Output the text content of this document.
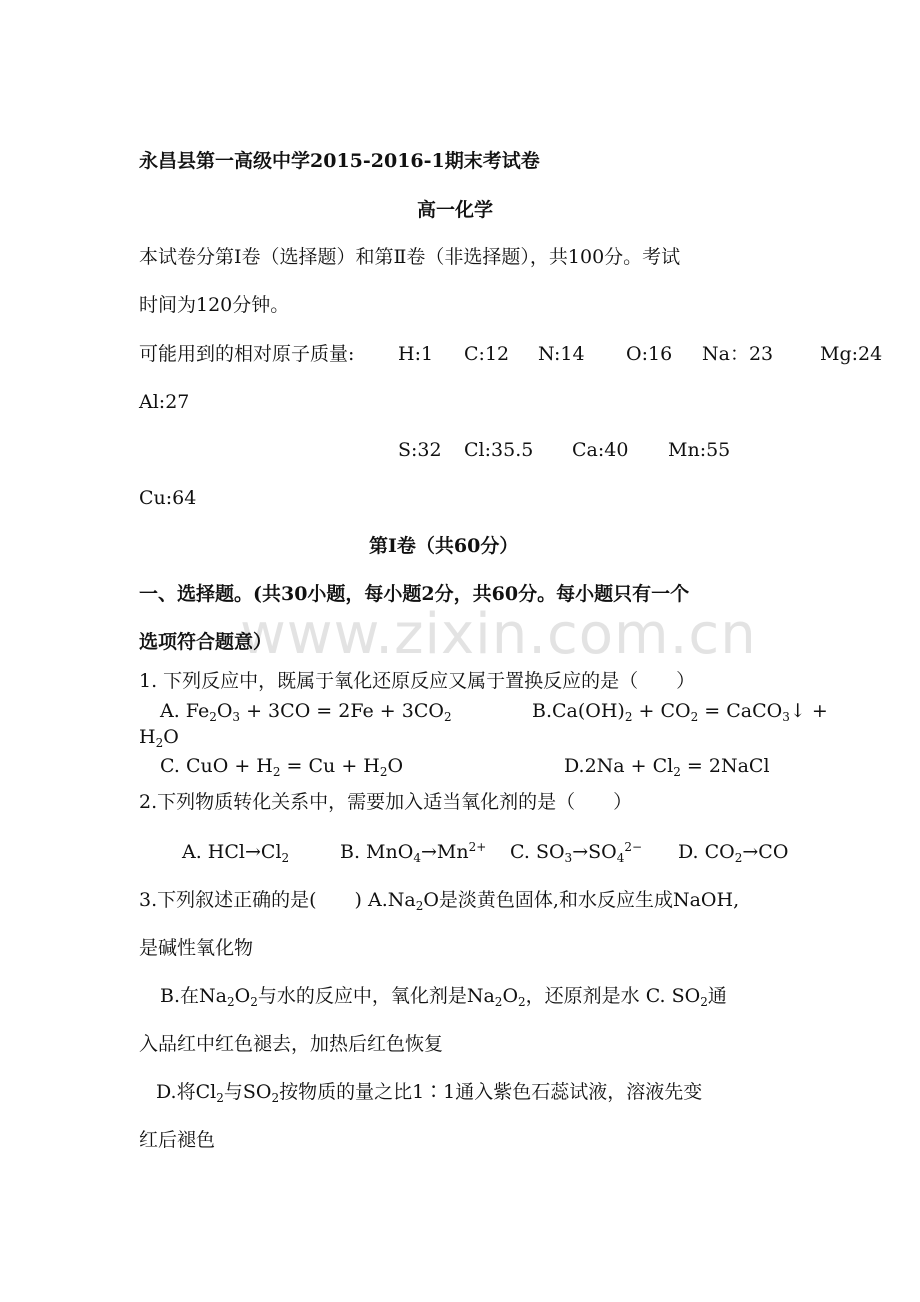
www.zixin.com.cn
永昌县第一高级中学2015-2016-1期末考试卷
高一化学
本试卷分第Ⅰ卷（选择题）和第Ⅱ卷（非选择题），共100分。考试
时间为120分钟。
可能用到的相对原子质量: H:1 C:12 N:14 O:16 Na：23 Mg:24
Al:27
S:32 Cl:35.5 Ca:40 Mn:55
Cu:64
第Ⅰ卷（共60分）
一、选择题。(共30小题，每小题2分，共60分。每小题只有一个
选项符合题意）
1. 下列反应中，既属于氧化还原反应又属于置换反应的是（　　）
A. $Fe_2O_3 + 3CO = 2Fe + 3CO_2$	$B.Ca(OH)_2 + CO_2$ = CaCO$_3$↓ +
$H_2O$
C. CuO + $H_2 = Cu + H_2O$	$D.2Na + Cl_2$ = 2NaCl
2.下列物质转化关系中，需要加入适当氧化剂的是（　　）
A. $HCl\to Cl_2$	B. $MnO_4\to Mn^{2+}$ C. $SO_3\to SO_4^{2-}$ D. $CO_2\to CO$
3.下列叙述正确的是(　　) $A.Na_2O$是淡黄色固体,和水反应生成NaOH,
是碱性氧化物
B.在$Na_2O_2$与水的反应中，氧化剂是$Na_2O_2$，还原剂是水 C. $SO_2$通
入品红中红色褪去，加热后红色恢复
D.将$Cl_2$与$SO_2$按物质的量之比1∶1通入紫色石蕊试液，溶液先变
红后褪色
